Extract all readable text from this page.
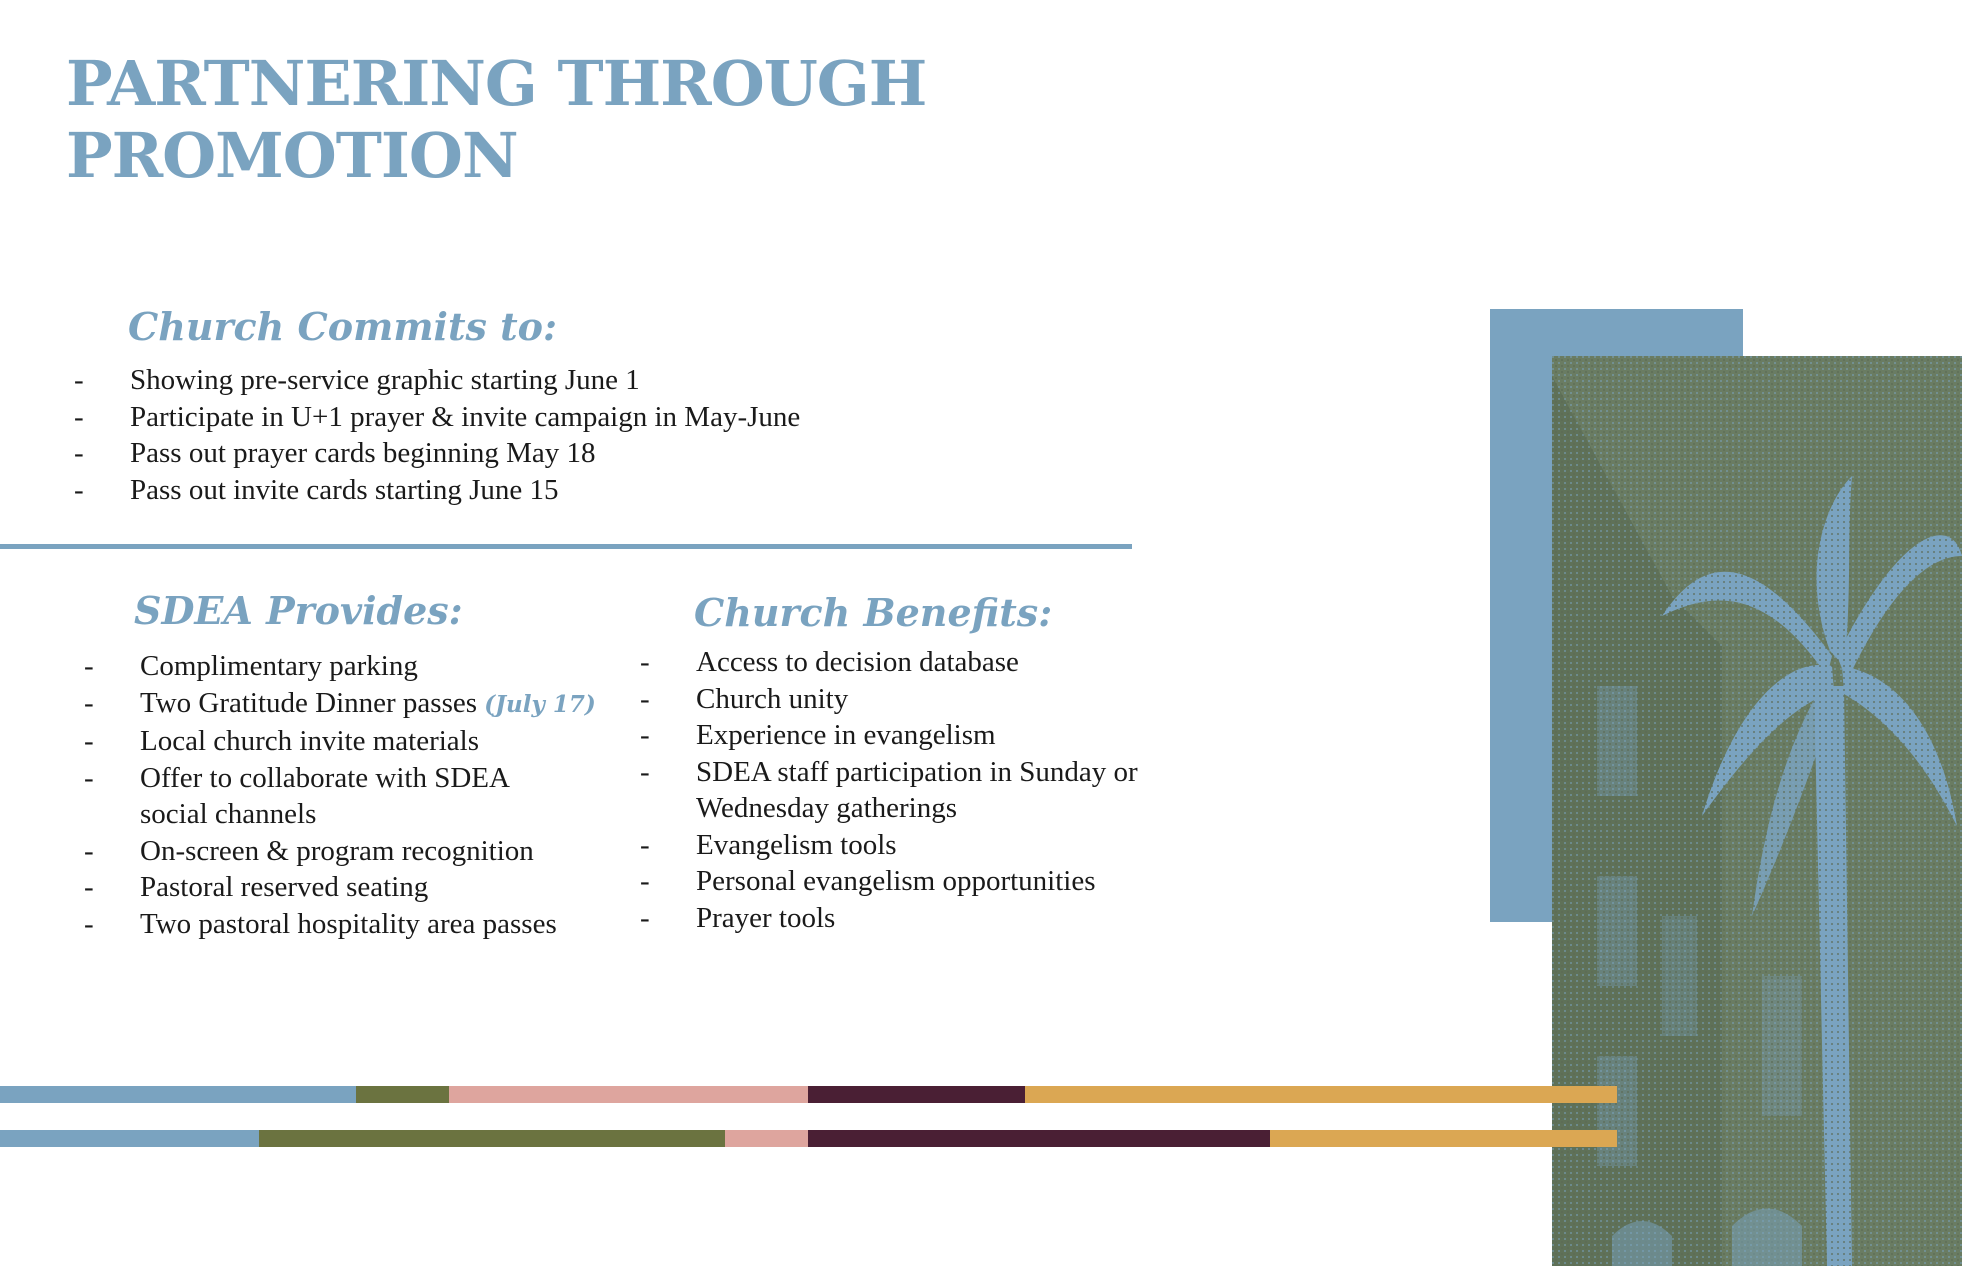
PARTNERING THROUGH PROMOTION
Church Commits to:
- Showing pre-service graphic starting June 1
- Participate in U+1 prayer & invite campaign in May-June
- Pass out prayer cards beginning May 18
- Pass out invite cards starting June 15
SDEA Provides:
- Complimentary parking
- Two Gratitude Dinner passes (July 17)
- Local church invite materials
- Offer to collaborate with SDEA social channels
- On-screen & program recognition
- Pastoral reserved seating
- Two pastoral hospitality area passes
Church Benefits:
- Access to decision database
- Church unity
- Experience in evangelism
- SDEA staff participation in Sunday or Wednesday gatherings
- Evangelism tools
- Personal evangelism opportunities
- Prayer tools
